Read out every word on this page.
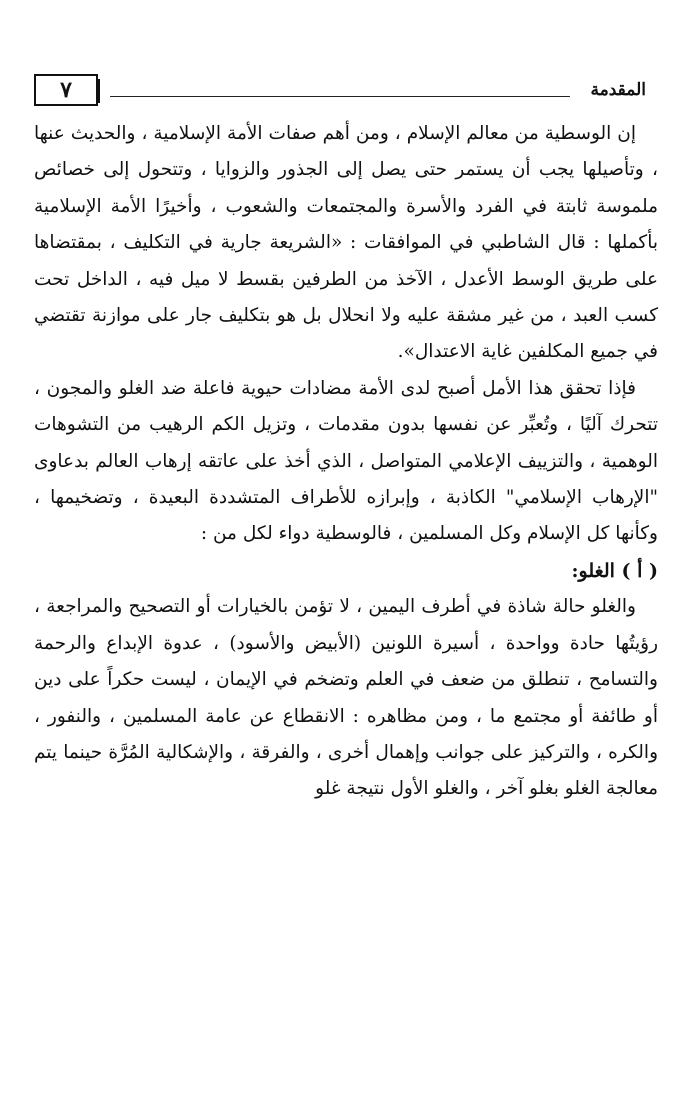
المقدمة
٧

إن الوسطية من معالم الإسلام ، ومن أهم صفات الأمة الإسلامية ، والحديث عنها ، وتأصيلها يجب أن يستمر حتى يصل إلى الجذور والزوايا ، وتتحول إلى خصائص ملموسة ثابتة في الفرد والأسرة والمجتمعات والشعوب ، وأخيرًا الأمة الإسلامية بأكملها : قال الشاطبي في الموافقات : «الشريعة جارية في التكليف ، بمقتضاها على طريق الوسط الأعدل ، الآخذ من الطرفين بقسط لا ميل فيه ، الداخل تحت كسب العبد ، من غير مشقة عليه ولا انحلال بل هو بتكليف جار على موازنة تقتضي في جميع المكلفين غاية الاعتدال».

فإذا تحقق هذا الأمل أصبح لدى الأمة مضادات حيوية فاعلة ضد الغلو والمجون ، تتحرك آليًا ، وتُعبِّر عن نفسها بدون مقدمات ، وتزيل الكم الرهيب من التشوهات الوهمية ، والتزييف الإعلامي المتواصل ، الذي أخذ على عاتقه إرهاب العالم بدعاوى "الإرهاب الإسلامي" الكاذبة ، وإبرازه للأطراف المتشددة البعيدة ، وتضخيمها ، وكأنها كل الإسلام وكل المسلمين ، فالوسطية دواء لكل من :

( أ ) الغلو:

والغلو حالة شاذة في أطرف اليمين ، لا تؤمن بالخيارات أو التصحيح والمراجعة ، رؤيتُها حادة وواحدة ، أسيرة اللونين (الأبيض والأسود) ، عدوة الإبداع والرحمة والتسامح ، تنطلق من ضعف في العلم وتضخم في الإيمان ، ليست حكراً على دين أو طائفة أو مجتمع ما ، ومن مظاهره : الانقطاع عن عامة المسلمين ، والنفور ، والكره ، والتركيز على جوانب وإهمال أخرى ، والفرقة ، والإشكالية المُرَّة حينما يتم معالجة الغلو بغلو آخر ، والغلو الأول نتيجة غلو
